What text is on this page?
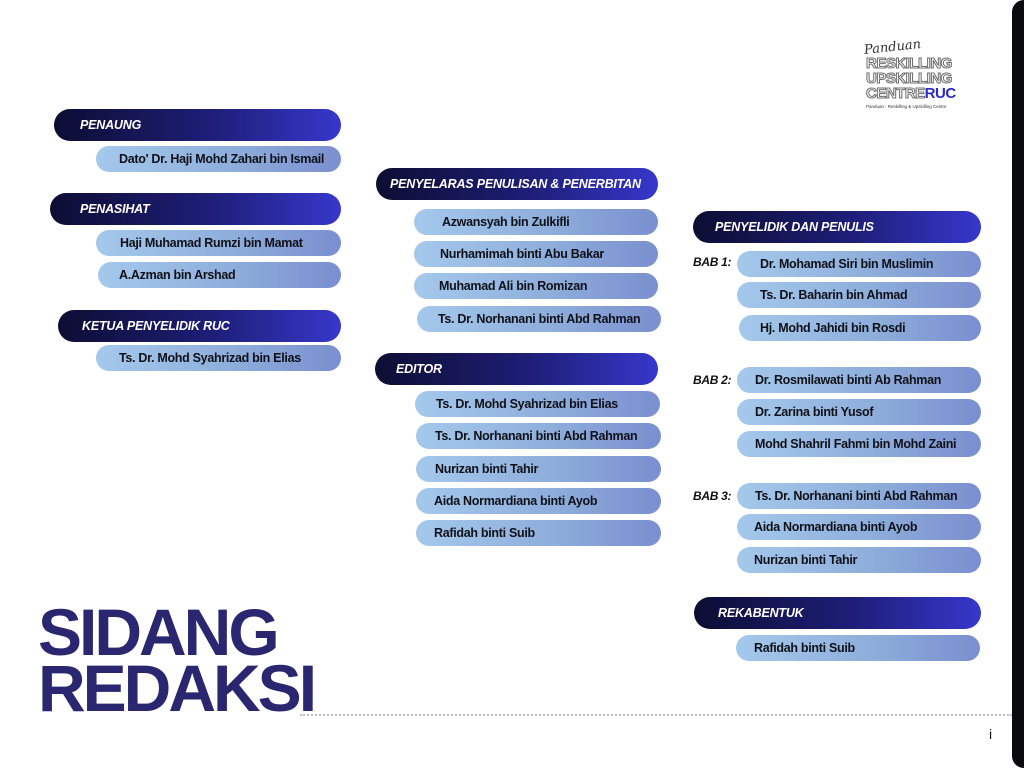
Panduan
RESKILLING
UPSKILLING
CENTRERUC
Panduan : Reskilling & Upskilling Centre
PENAUNG
Dato' Dr. Haji Mohd Zahari bin Ismail
PENASIHAT
Haji Muhamad Rumzi bin Mamat
A.Azman bin Arshad
KETUA PENYELIDIK RUC
Ts. Dr. Mohd Syahrizad bin Elias
PENYELARAS PENULISAN & PENERBITAN
Azwansyah bin Zulkifli
Nurhamimah binti Abu Bakar
Muhamad Ali bin Romizan
Ts. Dr. Norhanani binti Abd Rahman
EDITOR
Ts. Dr. Mohd Syahrizad bin Elias
Ts. Dr. Norhanani binti Abd Rahman
Nurizan binti Tahir
Aida Normardiana binti Ayob
Rafidah binti Suib
PENYELIDIK DAN PENULIS
BAB 1:	Dr. Mohamad Siri bin Muslimin
Ts. Dr. Baharin bin Ahmad
Hj. Mohd Jahidi bin Rosdi
BAB 2:	Dr. Rosmilawati binti Ab Rahman
Dr. Zarina binti Yusof
Mohd Shahril Fahmi bin Mohd Zaini
BAB 3:	Ts. Dr. Norhanani binti Abd Rahman
Aida Normardiana binti Ayob
Nurizan binti Tahir
REKABENTUK
Rafidah binti Suib
SIDANG
REDAKSI
i
